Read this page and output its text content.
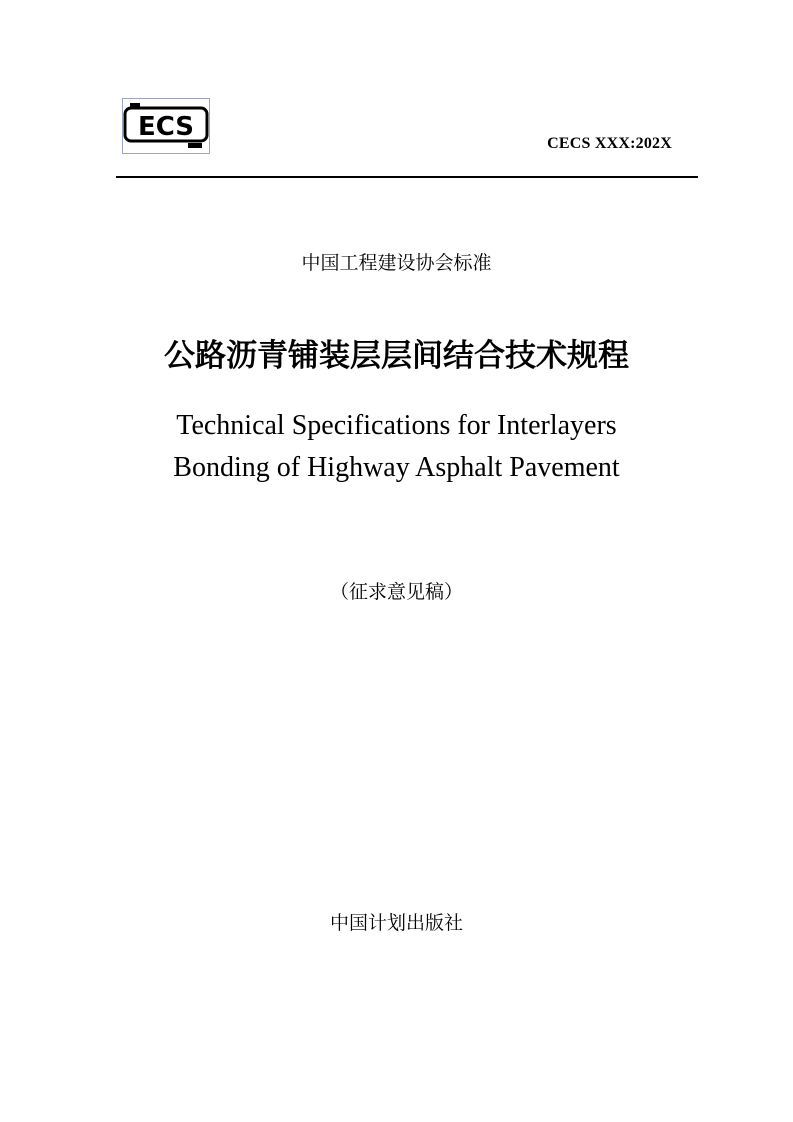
ECS
CECS XXX:202X
中国工程建设协会标准
公路沥青铺装层层间结合技术规程
Technical Specifications for Interlayers
Bonding of Highway Asphalt Pavement
（征求意见稿）
中国计划出版社
